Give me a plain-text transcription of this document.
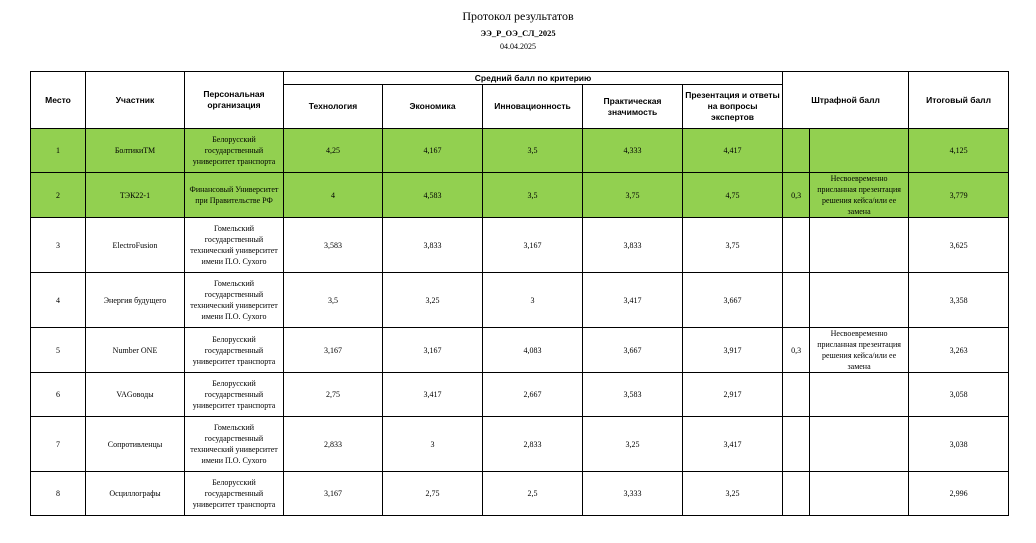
Протокол результатов
ЭЭ_Р_ОЭ_СЛ_2025
04.04.2025
Место	Участник	Персональная организация	Средний балл по критерию					Штрафной балл		Итоговый балл
			Технология	Экономика	Инновационность	Практическая значимость	Презентация и ответы на вопросы экспертов			
1	БолтикиТМ	Белорусский государственный университет транспорта	4,25	4,167	3,5	4,333	4,417			4,125
2	ТЭК22-1	Финансовый Университет при Правительстве РФ	4	4,583	3,5	3,75	4,75	0,3	Несвоевременно присланная презентация решения кейса/или ее замена	3,779
3	ElectroFusion	Гомельский государственный технический университет имени П.О. Сухого	3,583	3,833	3,167	3,833	3,75			3,625
4	Энергия будущего	Гомельский государственный технический университет имени П.О. Сухого	3,5	3,25	3	3,417	3,667			3,358
5	Number ONE	Белорусский государственный университет транспорта	3,167	3,167	4,083	3,667	3,917	0,3	Несвоевременно присланная презентация решения кейса/или ее замена	3,263
6	VAGоводы	Белорусский государственный университет транспорта	2,75	3,417	2,667	3,583	2,917			3,058
7	Сопротивленцы	Гомельский государственный технический университет имени П.О. Сухого	2,833	3	2,833	3,25	3,417			3,038
8	Осциллографы	Белорусский государственный университет транспорта	3,167	2,75	2,5	3,333	3,25			2,996
